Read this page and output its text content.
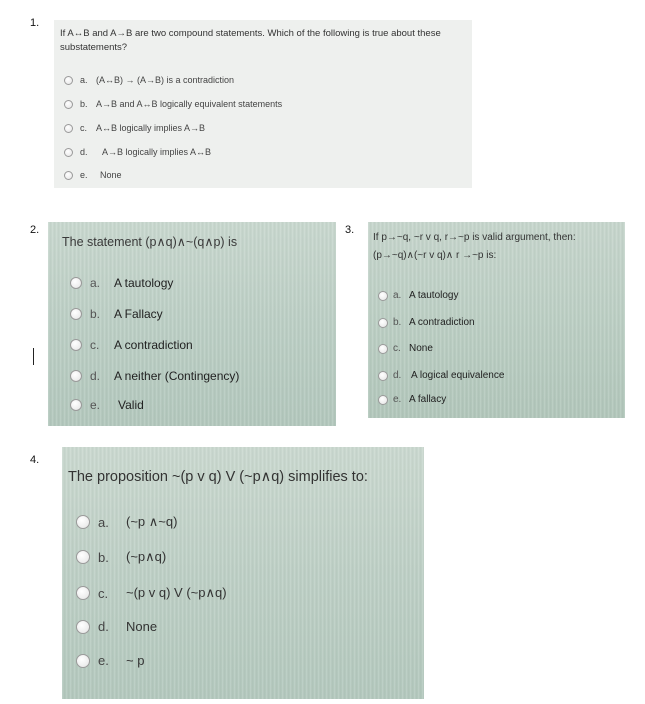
1.
2.	3.
4.
If A↔B and A→B are two compound statements. Which of the following is true about these substatements?
a. (A↔B) → (A→B) is a contradiction
b. A→B and A↔B logically equivalent statements
c. A↔B logically implies A→B
d.	A→B logically implies A↔B
e.	None
The statement (p∧q)∧~(q∧p) is
a.	A tautology
b.	A Fallacy
c.	A contradiction
d.	A neither (Contingency)
e.	Valid
If p→~q, ~r v q, r→~p is valid argument, then:
(p→~q)∧(~r v q)∧ r →~p is:
a. A tautology
b. A contradiction
c. None
d. A logical equivalence
e. A fallacy
The proposition ~(p v q) V (~p∧q) simplifies to:
a.	(~p ∧~q)
b.	(~p∧q)
c.	~(p v q) V (~p∧q)
d.	None
e.	~ p
